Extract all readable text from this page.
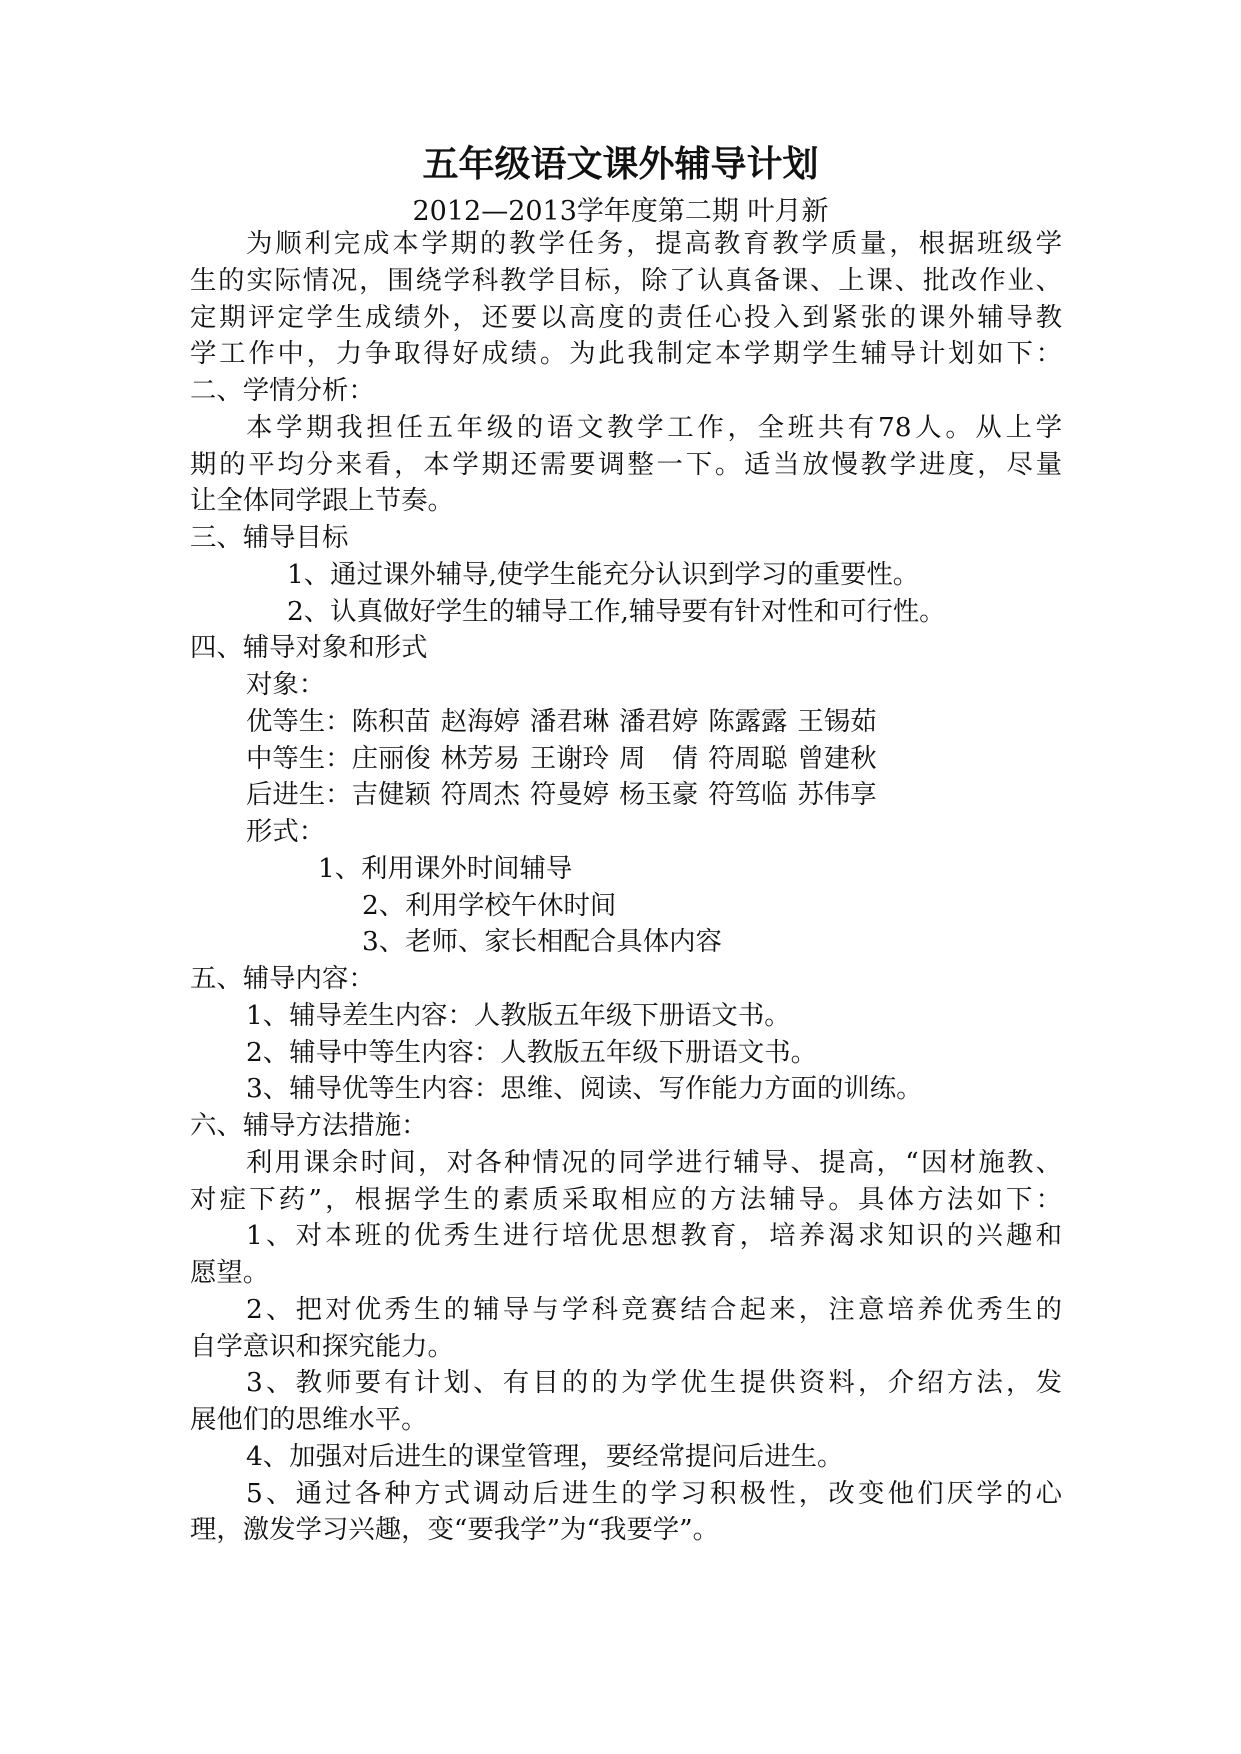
五年级语文课外辅导计划
2012—2013学年度第二期 叶月新
为顺利完成本学期的教学任务，提高教育教学质量，根据班级学
生的实际情况，围绕学科教学目标，除了认真备课、上课、批改作业、
定期评定学生成绩外，还要以高度的责任心投入到紧张的课外辅导教
学工作中，力争取得好成绩。为此我制定本学期学生辅导计划如下：
二、学情分析：
本学期我担任五年级的语文教学工作，全班共有78人。从上学
期的平均分来看，本学期还需要调整一下。适当放慢教学进度，尽量
让全体同学跟上节奏。
三、辅导目标
1、通过课外辅导,使学生能充分认识到学习的重要性。
2、认真做好学生的辅导工作,辅导要有针对性和可行性。
四、辅导对象和形式
对象：
优等生：陈积苗 赵海婷 潘君琳 潘君婷 陈露露 王锡茹
中等生：庄丽俊 林芳易 王谢玲 周　倩 符周聪 曾建秋
后进生：吉健颖 符周杰 符曼婷 杨玉豪 符笃临 苏伟享
形式：
1、利用课外时间辅导
2、利用学校午休时间
3、老师、家长相配合具体内容
五、辅导内容：
1、辅导差生内容：人教版五年级下册语文书。
2、辅导中等生内容：人教版五年级下册语文书。
3、辅导优等生内容：思维、阅读、写作能力方面的训练。
六、辅导方法措施：
利用课余时间，对各种情况的同学进行辅导、提高，“因材施教、
对症下药”，根据学生的素质采取相应的方法辅导。具体方法如下：
1、对本班的优秀生进行培优思想教育，培养渴求知识的兴趣和
愿望。
2、把对优秀生的辅导与学科竞赛结合起来，注意培养优秀生的
自学意识和探究能力。
3、教师要有计划、有目的的为学优生提供资料，介绍方法，发
展他们的思维水平。
4、加强对后进生的课堂管理，要经常提问后进生。
5、通过各种方式调动后进生的学习积极性，改变他们厌学的心
理，激发学习兴趣，变“要我学”为“我要学”。
